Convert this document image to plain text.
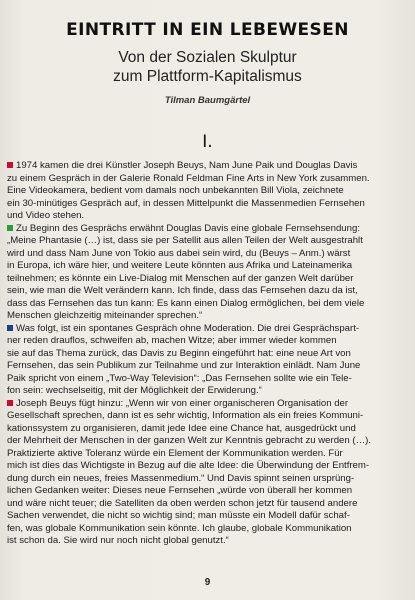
EINTRITT IN EIN LEBEWESEN
Von der Sozialen Skulptur
zum Plattform-Kapitalismus
Tilman Baumgärtel
I.
1974 kamen die drei Künstler Joseph Beuys, Nam June Paik und Douglas Davis
zu einem Gespräch in der Galerie Ronald Feldman Fine Arts in New York zusammen.
Eine Videokamera, bedient vom damals noch unbekannten Bill Viola, zeichnete
ein 30-minütiges Gespräch auf, in dessen Mittelpunkt die Massenmedien Fernsehen
und Video stehen.
Zu Beginn des Gesprächs erwähnt Douglas Davis eine globale Fernsehsendung:
„Meine Phantasie (…) ist, dass sie per Satellit aus allen Teilen der Welt ausgestrahlt
wird und dass Nam June von Tokio aus dabei sein wird, du (Beuys – Anm.) wärst
in Europa, ich wäre hier, und weitere Leute könnten aus Afrika und Lateinamerika
teilnehmen; es könnte ein Live-Dialog mit Menschen auf der ganzen Welt darüber
sein, wie man die Welt verändern kann. Ich finde, dass das Fernsehen dazu da ist,
dass das Fernsehen das tun kann: Es kann einen Dialog ermöglichen, bei dem viele
Menschen gleichzeitig miteinander sprechen.“
Was folgt, ist ein spontanes Gespräch ohne Moderation. Die drei Gesprächspart-
ner reden drauflos, schweifen ab, machen Witze; aber immer wieder kommen
sie auf das Thema zurück, das Davis zu Beginn eingeführt hat: eine neue Art von
Fernsehen, das sein Publikum zur Teilnahme und zur Interaktion einlädt. Nam June
Paik spricht von einem „Two-Way Television“: „Das Fernsehen sollte wie ein Tele-
fon sein: wechselseitig, mit der Möglichkeit der Erwiderung.“
Joseph Beuys fügt hinzu: „Wenn wir von einer organischeren Organisation der
Gesellschaft sprechen, dann ist es sehr wichtig, Information als ein freies Kommuni-
kationssystem zu organisieren, damit jede Idee eine Chance hat, ausgedrückt und
der Mehrheit der Menschen in der ganzen Welt zur Kenntnis gebracht zu werden (…).
Praktizierte aktive Toleranz würde ein Element der Kommunikation werden. Für
mich ist dies das Wichtigste in Bezug auf die alte Idee: die Überwindung der Entfrem-
dung durch ein neues, freies Massenmedium.“ Und Davis spinnt seinen ursprüng-
lichen Gedanken weiter: Dieses neue Fernsehen „würde von überall her kommen
und wäre nicht teuer; die Satelliten da oben werden schon jetzt für tausend andere
Sachen verwendet, die nicht so wichtig sind; man müsste ein Modell dafür schaf-
fen, was globale Kommunikation sein könnte. Ich glaube, globale Kommunikation
ist schon da. Sie wird nur noch nicht global genutzt.“
9
